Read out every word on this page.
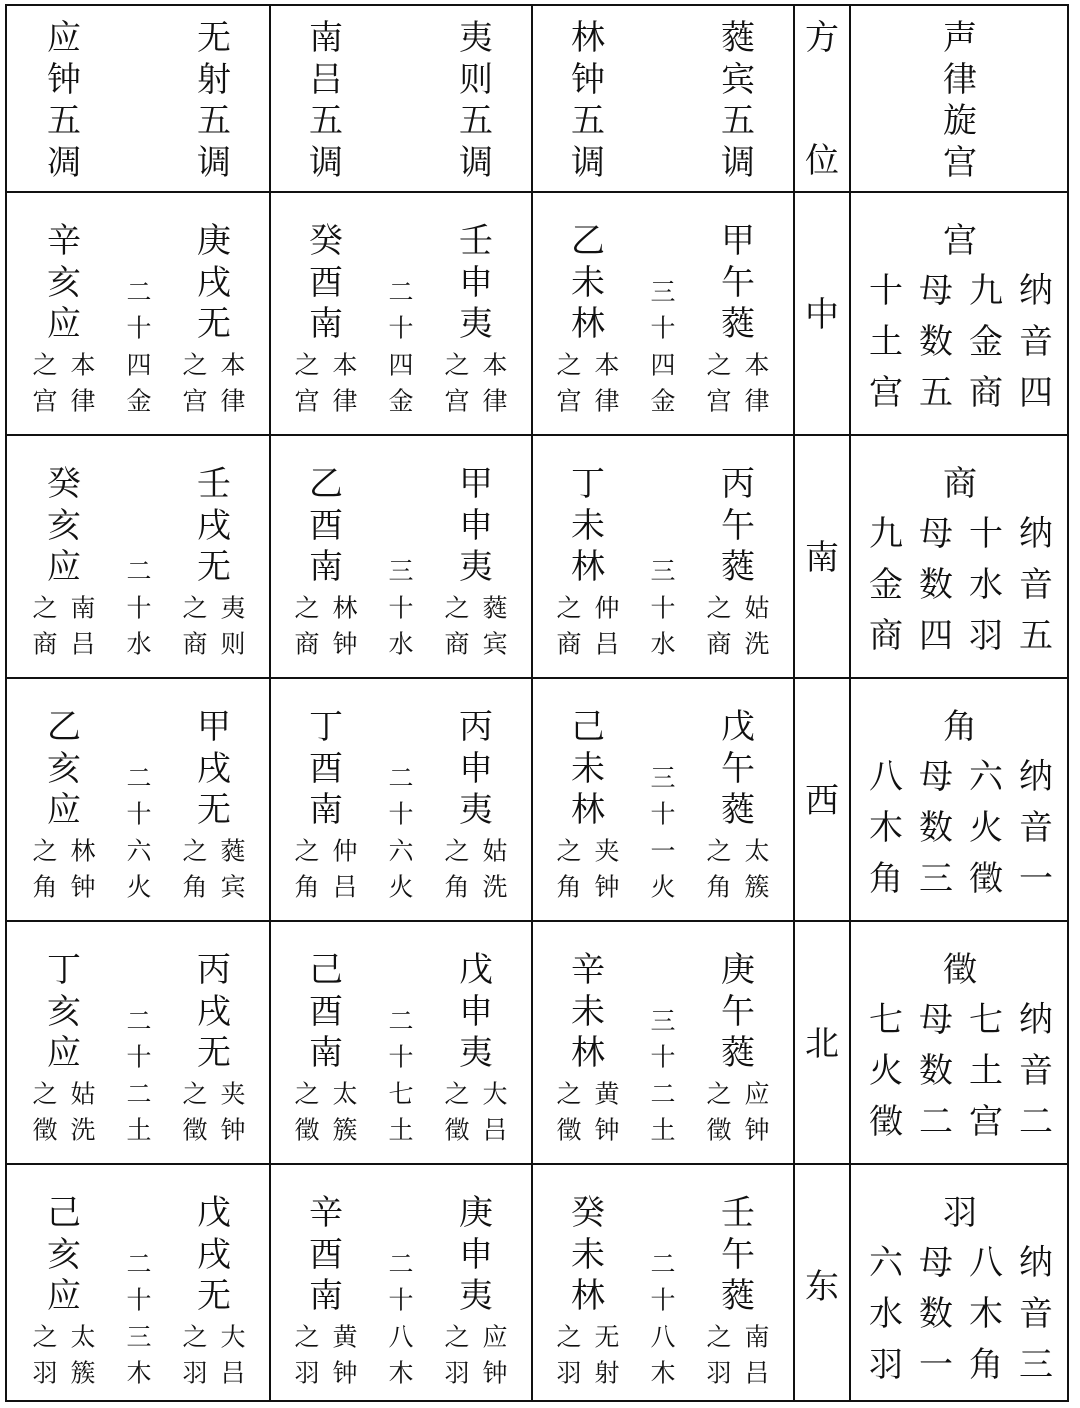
应
钟
五
凋
无
射
五
调
南
吕
五
调
夷
则
五
调
林
钟
五
调
蕤
宾
五
调
方
位
声
律
旋
宫
辛
亥
应
之 本
宫 律
庚
戌
无
之 本
宫 律
二
十
四
金
癸
酉
南
之 本
宫 律
壬
申
夷
之 本
宫 律
二
十
四
金
乙
未
林
之 本
宫 律
甲
午
蕤
之 本
宫 律
三
十
四
金
中
宫
十 母 九 纳
土 数 金 音
宫 五 商 四
癸
亥
应
之 南
商 吕
壬
戌
无
之 夷
商 则
二
十
水
乙
酉
南
之 林
商 钟
甲
申
夷
之 蕤
商 宾
三
十
水
丁
未
林
之 仲
商 吕
丙
午
蕤
之 姑
商 洗
三
十
水
南
商
九 母 十 纳
金 数 水 音
商 四 羽 五
乙
亥
应
之 林
角 钟
甲
戌
无
之 蕤
角 宾
二
十
六
火
丁
酉
南
之 仲
角 吕
丙
申
夷
之 姑
角 洗
二
十
六
火
己
未
林
之 夹
角 钟
戊
午
蕤
之 太
角 簇
三
十
一
火
西
角
八 母 六 纳
木 数 火 音
角 三 徵 一
丁
亥
应
之 姑
徵 洗
丙
戌
无
之 夹
徵 钟
二
十
二
土
己
酉
南
之 太
徵 簇
戊
申
夷
之 大
徵 吕
二
十
七
土
辛
未
林
之 黄
徵 钟
庚
午
蕤
之 应
徵 钟
三
十
二
土
北
徵
七 母 七 纳
火 数 土 音
徵 二 宫 二
己
亥
应
之 太
羽 簇
戊
戌
无
之 大
羽 吕
二
十
三
木
辛
酉
南
之 黄
羽 钟
庚
申
夷
之 应
羽 钟
二
十
八
木
癸
未
林
之 无
羽 射
壬
午
蕤
之 南
羽 吕
二
十
八
木
东
羽
六 母 八 纳
水 数 木 音
羽 一 角 三
